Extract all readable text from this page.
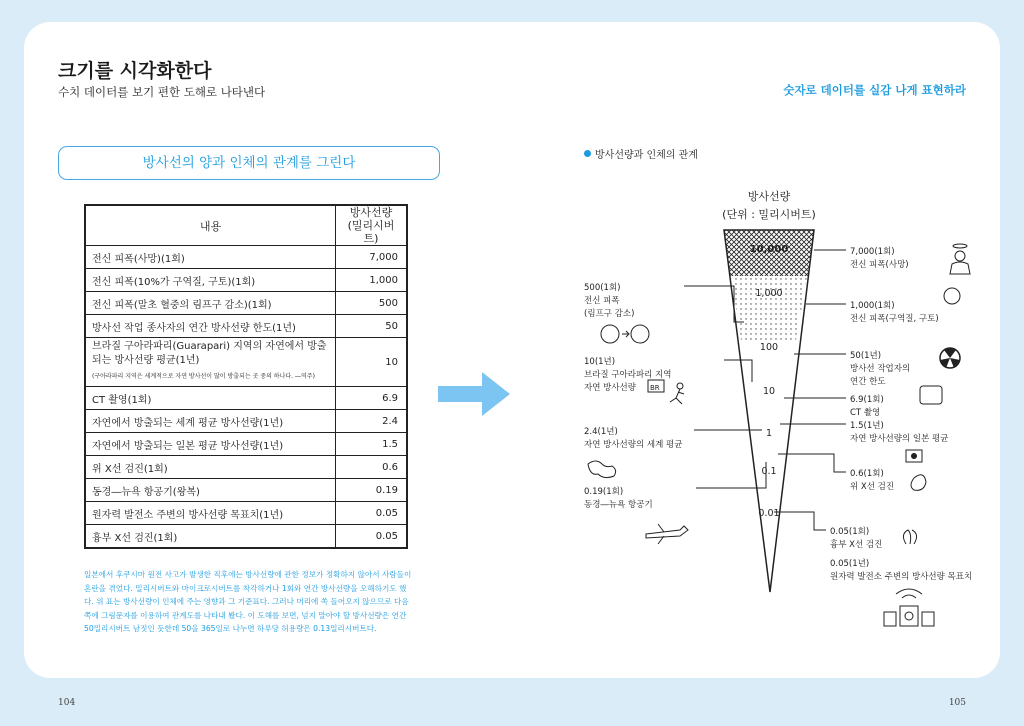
크기를 시각화한다
수치 데이터를 보기 편한 도해로 나타낸다	숫자로 데이터를 실감 나게 표현하라
방사선의 양과 인체의 관계를 그린다
내용	방사선량
(밀리시버트)
전신 피폭(사망)(1회)	7,000
전신 피폭(10%가 구역질, 구토)(1회)	1,000
전신 피폭(말초 혈중의 림프구 감소)(1회)	500
방사선 작업 종사자의 연간 방사선량 한도(1년)	50
브라질 구아라파리(Guarapari) 지역의 자연에서 방출되는 방사선량 평균(1년)
(구아라파리 지역은 세계적으로 자연 방사선이 많이 방출되는 곳 중의 하나다. ―역주)	10
CT 촬영(1회)	6.9
자연에서 방출되는 세계 평균 방사선량(1년)	2.4
자연에서 방출되는 일본 평균 방사선량(1년)	1.5
위 X선 검진(1회)	0.6
동경―뉴욕 항공기(왕복)	0.19
원자력 발전소 주변의 방사선량 목표치(1년)	0.05
흉부 X선 검진(1회)	0.05
일본에서 후쿠시마 원전 사고가 발생한 직후에는 방사선량에 관한 정보가 정확하지 않아서 사람들이 혼란을 겪었다. 밀리시버트와 마이크로시버트를 착각하거나 1회와 연간 방사선량을 오해하기도 했다. 위 표는 방사선량이 인체에 주는 영향과 그 기준표다. 그러나 머리에 쏙 들어오지 않으므로 다음 쪽에 그림문자를 이용하여 관계도를 나타내 봤다. 이 도해를 보면, 넘지 말아야 할 방사선량은 연간 50밀리시버트 남짓인 듯한데 50을 365일로 나누면 하루당 허용량은 0.13밀리시버트다.
방사선량과 인체의 관계
방사선량
(단위 : 밀리시버트)
10,000
1,000
100
10
1
0.1
0.01
500(1회)
전신 피폭
(림프구 감소)
10(1년)
브라질 구아라파리 지역
자연 방사선량 BR
2.4(1년)
자연 방사선량의 세계 평균
0.19(1회)
동경―뉴욕 항공기
7,000(1회)
전신 피폭(사망)
1,000(1회)
전신 피폭(구역질, 구토)
50(1년)
방사선 작업자의
연간 한도
6.9(1회)
CT 촬영
1.5(1년)
자연 방사선량의 일본 평균
0.6(1회)
위 X선 검진
0.05(1회)
흉부 X선 검진
0.05(1년)
원자력 발전소 주변의 방사선량 목표치
104	105
